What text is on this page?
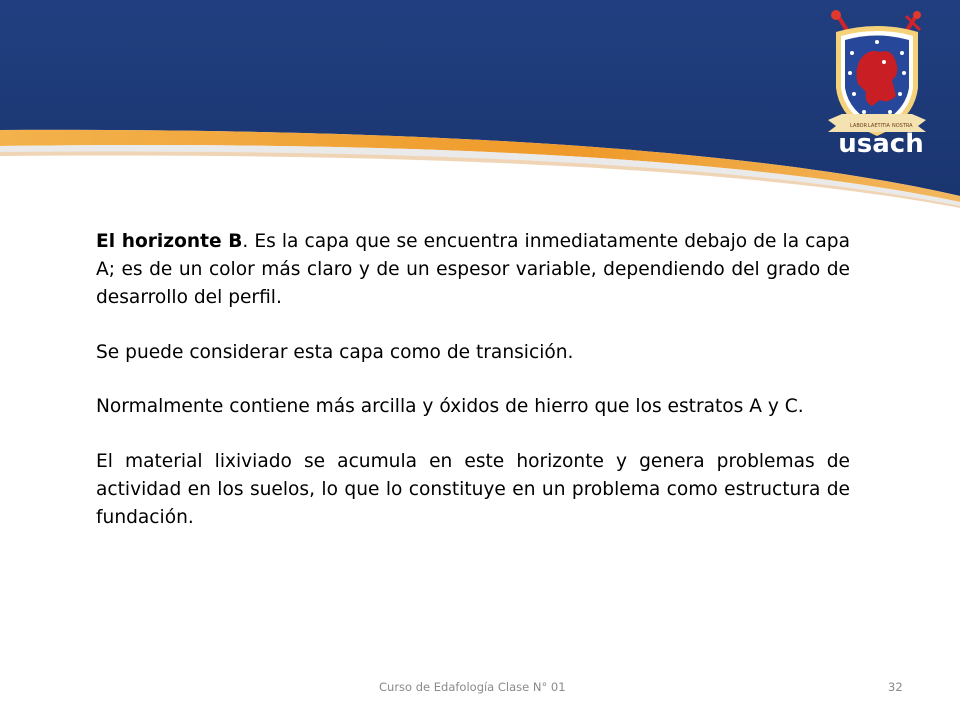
LABOR LAETITIA NOSTRA
usach

El horizonte B. Es la capa que se encuentra inmediatamente debajo de la capa A; es de un color más claro y de un espesor variable, dependiendo del grado de desarrollo del perfil.

Se puede considerar esta capa como de transición.

Normalmente contiene más arcilla y óxidos de hierro que los estratos A y C.

El material lixiviado se acumula en este horizonte y genera problemas de actividad en los suelos, lo que lo constituye en un problema como estructura de fundación.

Curso de Edafología Clase N° 01	32
